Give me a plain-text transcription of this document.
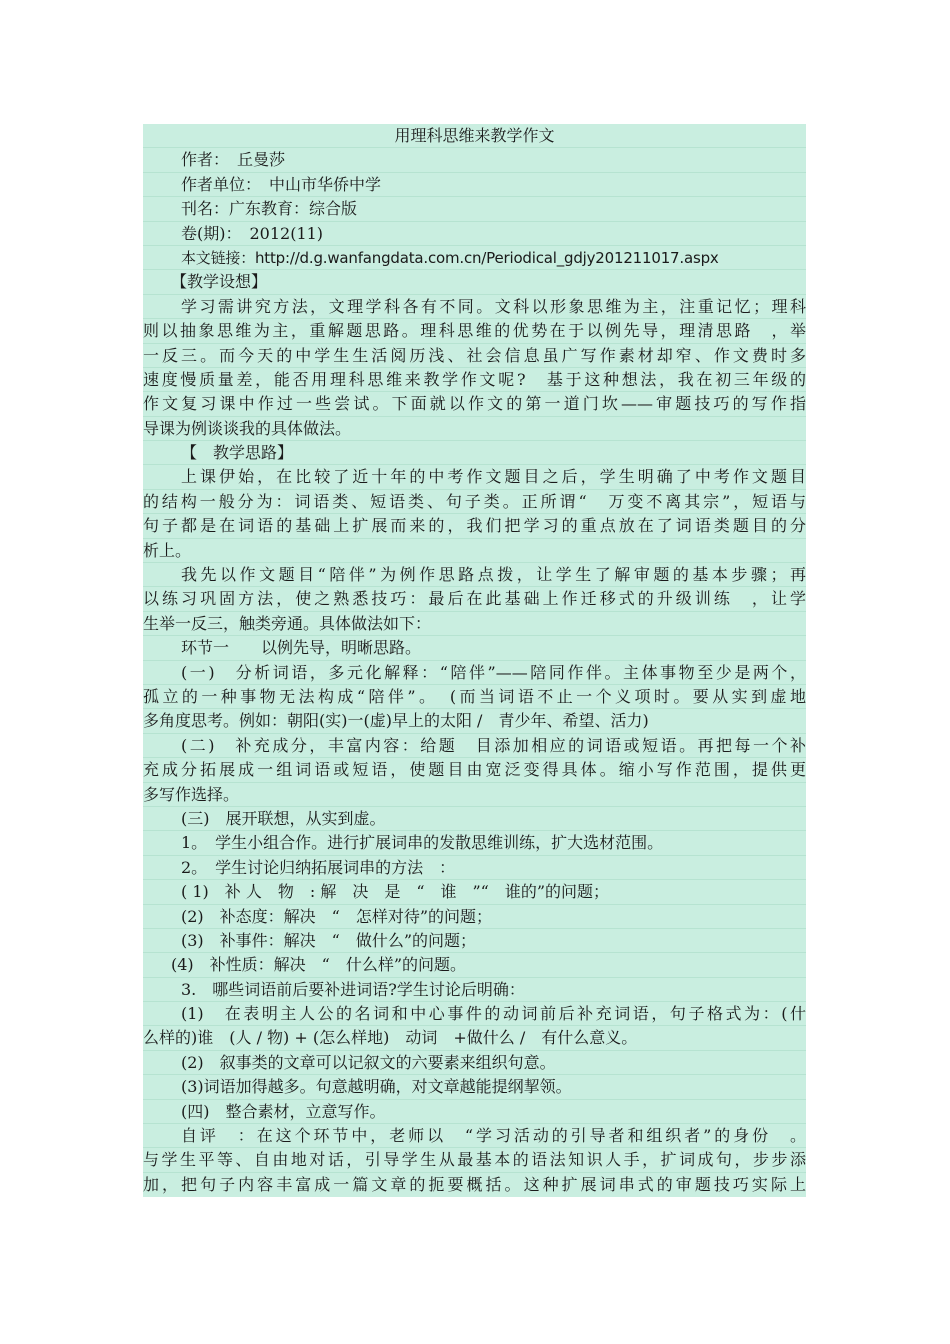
用理科思维来教学作文
作者：　丘曼莎
作者单位：　中山市华侨中学
刊名：广东教育：综合版
卷(期)：　2012(11)
本文链接：http://d.g.wanfangdata.com.cn/Periodical_gdjy201211017.aspx
【教学设想】
学习需讲究方法，文理学科各有不同。文科以形象思维为主，注重记忆；理科
则以抽象思维为主，重解题思路。理科思维的优势在于以例先导，理清思路　，举
一反三。而今天的中学生生活阅历浅、社会信息虽广写作素材却窄、作文费时多
速度慢质量差，能否用理科思维来教学作文呢?　基于这种想法，我在初三年级的
作文复习课中作过一些尝试。下面就以作文的第一道门坎——审题技巧的写作指
导课为例谈谈我的具体做法。
【　教学思路】
上课伊始，在比较了近十年的中考作文题目之后，学生明确了中考作文题目
的结构一般分为：词语类、短语类、句子类。正所谓“　万变不离其宗”，短语与
句子都是在词语的基础上扩展而来的，我们把学习的重点放在了词语类题目的分
析上。
我先以作文题目“陪伴”为例作思路点拨，让学生了解审题的基本步骤；再
以练习巩固方法，使之熟悉技巧：最后在此基础上作迁移式的升级训练　，让学
生举一反三，触类旁通。具体做法如下：
环节一　　以例先导，明晰思路。
(一)　分析词语，多元化解释：“陪伴”——陪同作伴。主体事物至少是两个，
孤立的一种事物无法构成“陪伴”。　(而当词语不止一个义项时。要从实到虚地
多角度思考。例如：朝阳(实)一(虚)早上的太阳 /　青少年、希望、活力)
(二)　补充成分，丰富内容：给题　目添加相应的词语或短语。再把每一个补
充成分拓展成一组词语或短语，使题目由宽泛变得具体。缩小写作范围，提供更
多写作选择。
(三)　展开联想，从实到虚。
1。　学生小组合作。进行扩展词串的发散思维训练，扩大选材范围。
2。　学生讨论归纳拓展词串的方法　：
( 1)　补 人　物　: 解　决　是　“　谁　”“　谁的”的问题；
(2)　补态度：解决　“　怎样对待”的问题；
(3)　补事件：解决　“　做什么”的问题；
(4)　补性质：解决　“　什么样”的问题。
3.　哪些词语前后要补进词语?学生讨论后明确：
(1)　在表明主人公的名词和中心事件的动词前后补充词语，句子格式为：(什
么样的)谁　(人 / 物) + (怎么样地)　动词　+做什么 /　有什么意义。
(2)　叙事类的文章可以记叙文的六要素来组织句意。
(3)词语加得越多。句意越明确，对文章越能提纲挈领。
(四)　整合素材，立意写作。
自评　：在这个环节中，老师以　“学习活动的引导者和组织者”的身份　。
与学生平等、自由地对话，引导学生从最基本的语法知识人手，扩词成句，步步添
加，把句子内容丰富成一篇文章的扼要概括。这种扩展词串式的审题技巧实际上
